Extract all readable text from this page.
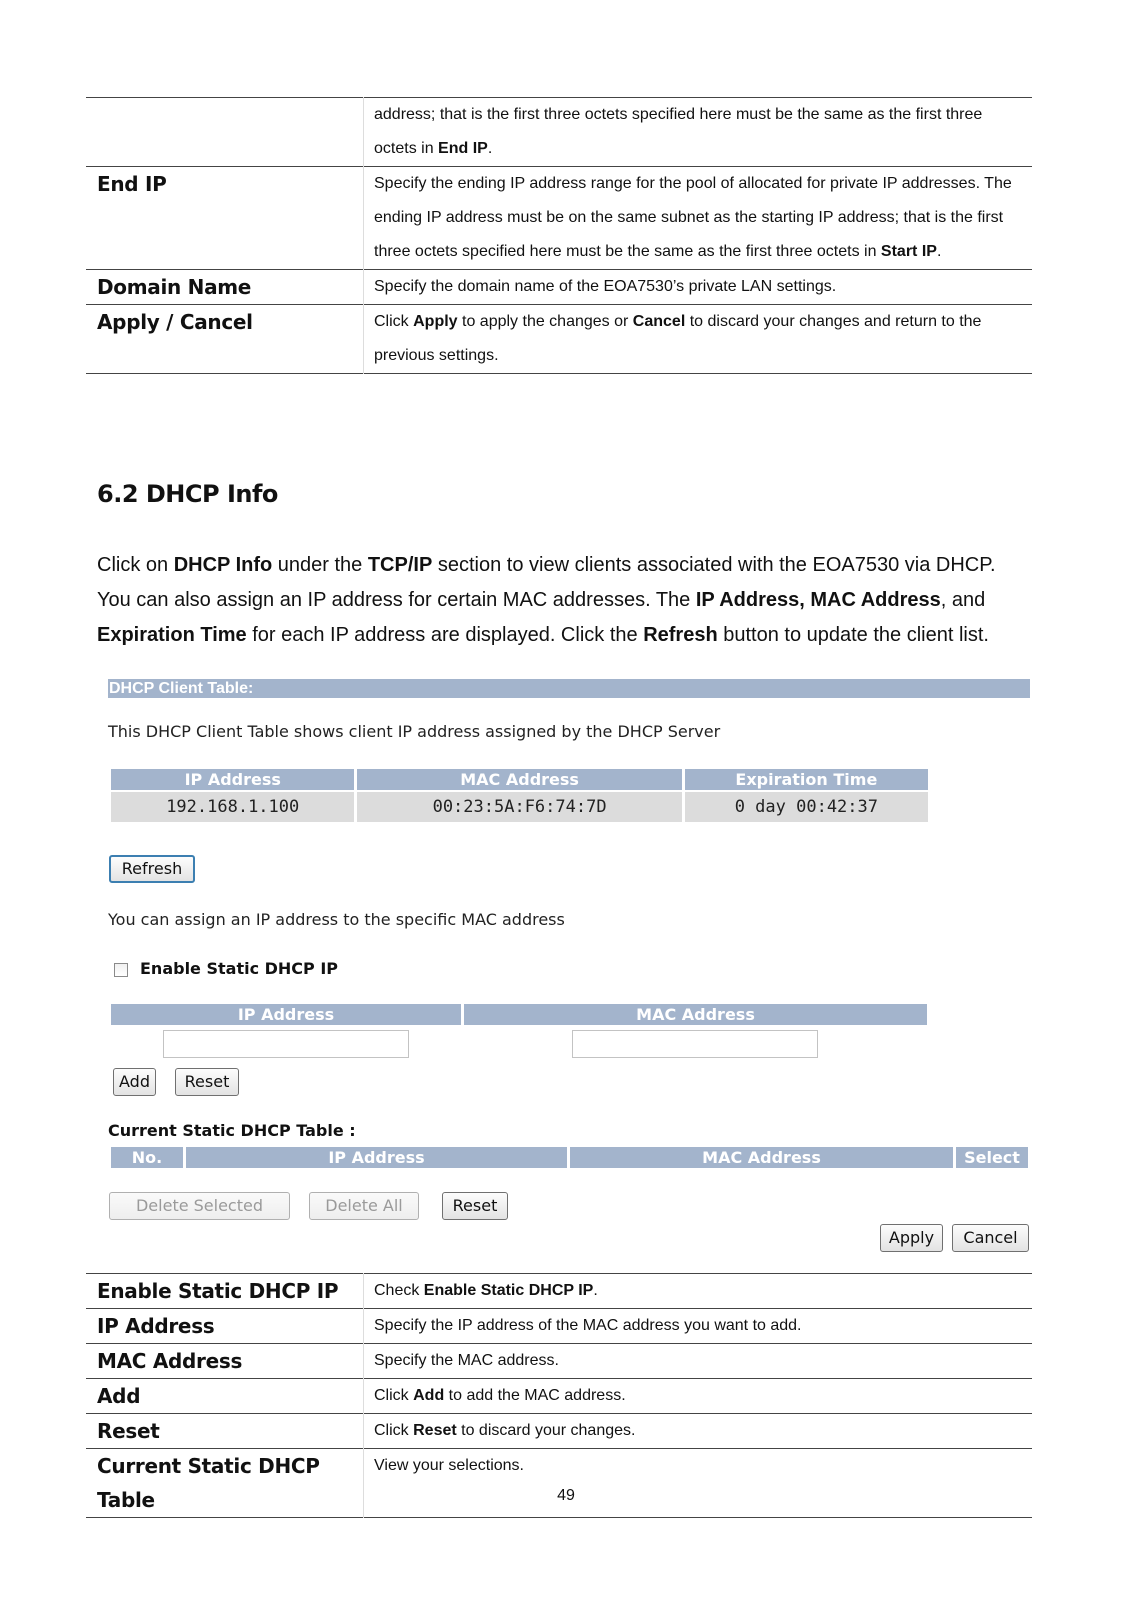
	address; that is the first three octets specified here must be the same as the first three octets in End IP.
End IP	Specify the ending IP address range for the pool of allocated for private IP addresses. The ending IP address must be on the same subnet as the starting IP address; that is the first three octets specified here must be the same as the first three octets in Start IP.
Domain Name	Specify the domain name of the EOA7530’s private LAN settings.
Apply / Cancel	Click Apply to apply the changes or Cancel to discard your changes and return to the previous settings.
6.2 DHCP Info

Click on DHCP Info under the TCP/IP section to view clients associated with the EOA7530 via DHCP. You can also assign an IP address for certain MAC addresses. The IP Address, MAC Address, and Expiration Time for each IP address are displayed. Click the Refresh button to update the client list.

DHCP Client Table:
This DHCP Client Table shows client IP address assigned by the DHCP Server
IP Address	MAC Address	Expiration Time
192.168.1.100	00:23:5A:F6:74:7D	0 day 00:42:37
Refresh
You can assign an IP address to the specific MAC address
Enable Static DHCP IP
IP Address	MAC Address
Add	Reset
Current Static DHCP Table :
No.	IP Address	MAC Address	Select
Delete Selected	Delete All	Reset
Apply	Cancel
Enable Static DHCP IP	Check Enable Static DHCP IP.
IP Address	Specify the IP address of the MAC address you want to add.
MAC Address	Specify the MAC address.
Add	Click Add to add the MAC address.
Reset	Click Reset to discard your changes.
Current Static DHCP Table	View your selections.
49
